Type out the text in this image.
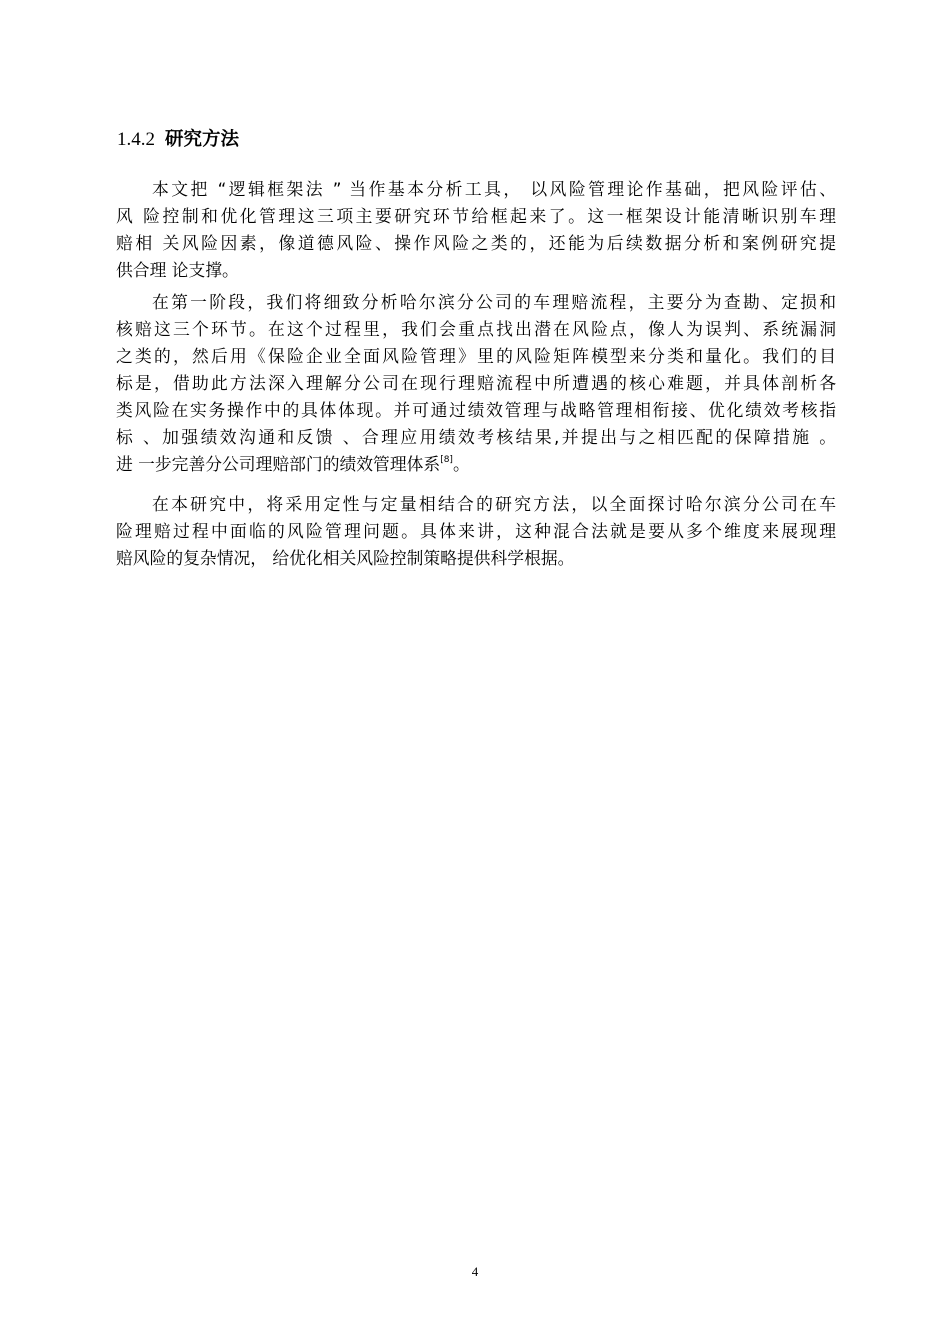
1.4.2 研究方法
本文把 “逻辑框架法 ” 当作基本分析工具， 以风险管理论作基础，把风险评估、
风 险控制和优化管理这三项主要研究环节给框起来了。这一框架设计能清晰识别车理
赔相 关风险因素，像道德风险、操作风险之类的，还能为后续数据分析和案例研究提
供合理 论支撑。
在第一阶段，我们将细致分析哈尔滨分公司的车理赔流程，主要分为查勘、定损和
核赔这三个环节。在这个过程里，我们会重点找出潜在风险点，像人为误判、系统漏洞
之类的，然后用《保险企业全面风险管理》里的风险矩阵模型来分类和量化。我们的目
标是，借助此方法深入理解分公司在现行理赔流程中所遭遇的核心难题，并具体剖析各
类风险在实务操作中的具体体现。并可通过绩效管理与战略管理相衔接、优化绩效考核指
标 、加强绩效沟通和反馈 、合理应用绩效考核结果,并提出与之相匹配的保障措施 。
进 一步完善分公司理赔部门的绩效管理体系[8]。
在本研究中，将采用定性与定量相结合的研究方法，以全面探讨哈尔滨分公司在车
险理赔过程中面临的风险管理问题。具体来讲，这种混合法就是要从多个维度来展现理
赔风险的复杂情况， 给优化相关风险控制策略提供科学根据。
4
